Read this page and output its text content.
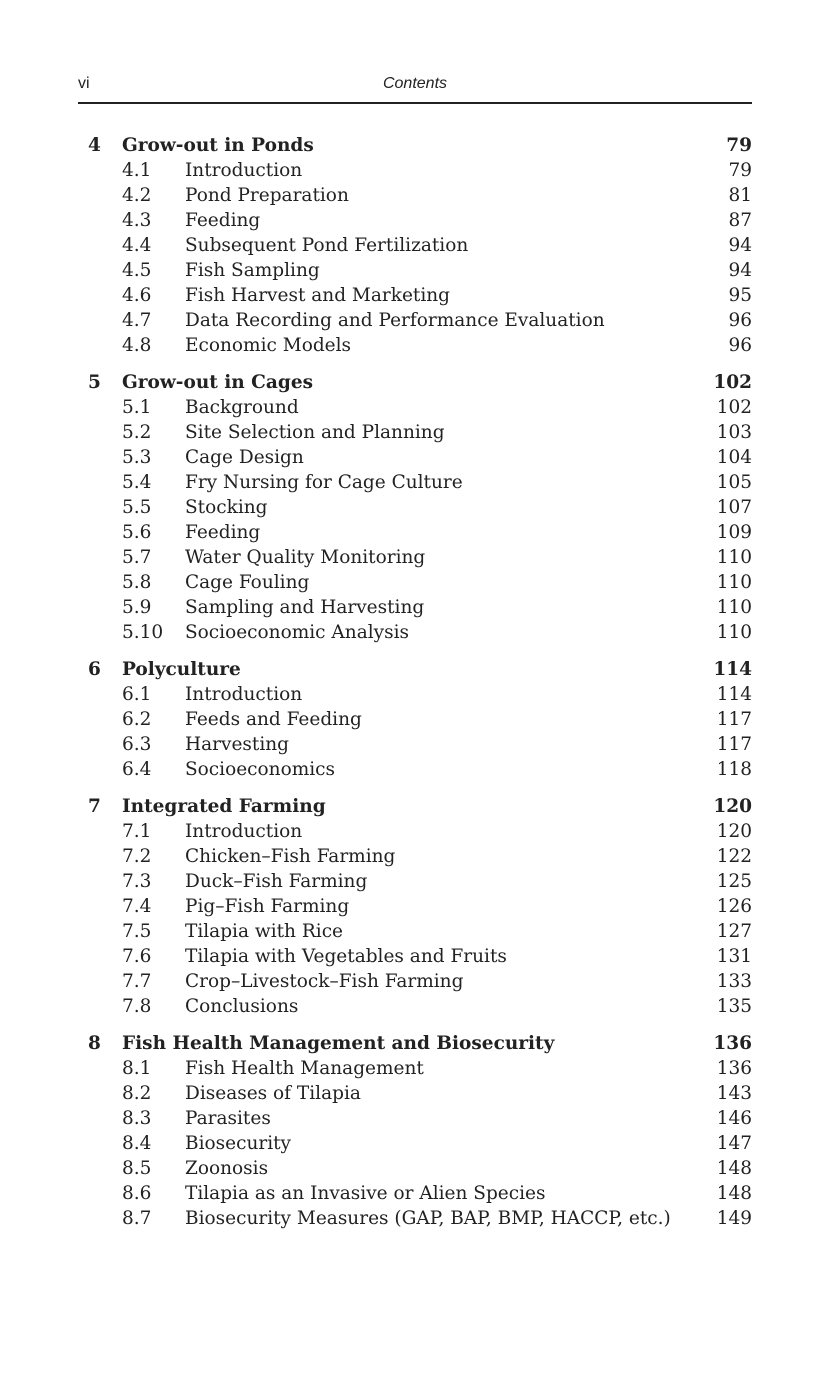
vi	Contents
4 Grow-out in Ponds	79
4.1 Introduction	79
4.2 Pond Preparation	81
4.3 Feeding	87
4.4 Subsequent Pond Fertilization	94
4.5 Fish Sampling	94
4.6 Fish Harvest and Marketing	95
4.7 Data Recording and Performance Evaluation	96
4.8 Economic Models	96
5 Grow-out in Cages	102
5.1 Background	102
5.2 Site Selection and Planning	103
5.3 Cage Design	104
5.4 Fry Nursing for Cage Culture	105
5.5 Stocking	107
5.6 Feeding	109
5.7 Water Quality Monitoring	110
5.8 Cage Fouling	110
5.9 Sampling and Harvesting	110
5.10 Socioeconomic Analysis	110
6 Polyculture	114
6.1 Introduction	114
6.2 Feeds and Feeding	117
6.3 Harvesting	117
6.4 Socioeconomics	118
7 Integrated Farming	120
7.1 Introduction	120
7.2 Chicken–Fish Farming	122
7.3 Duck–Fish Farming	125
7.4 Pig–Fish Farming	126
7.5 Tilapia with Rice	127
7.6 Tilapia with Vegetables and Fruits	131
7.7 Crop–Livestock–Fish Farming	133
7.8 Conclusions	135
8 Fish Health Management and Biosecurity	136
8.1 Fish Health Management	136
8.2 Diseases of Tilapia	143
8.3 Parasites	146
8.4 Biosecurity	147
8.5 Zoonosis	148
8.6 Tilapia as an Invasive or Alien Species	148
8.7 Biosecurity Measures (GAP, BAP, BMP, HACCP, etc.) 149
